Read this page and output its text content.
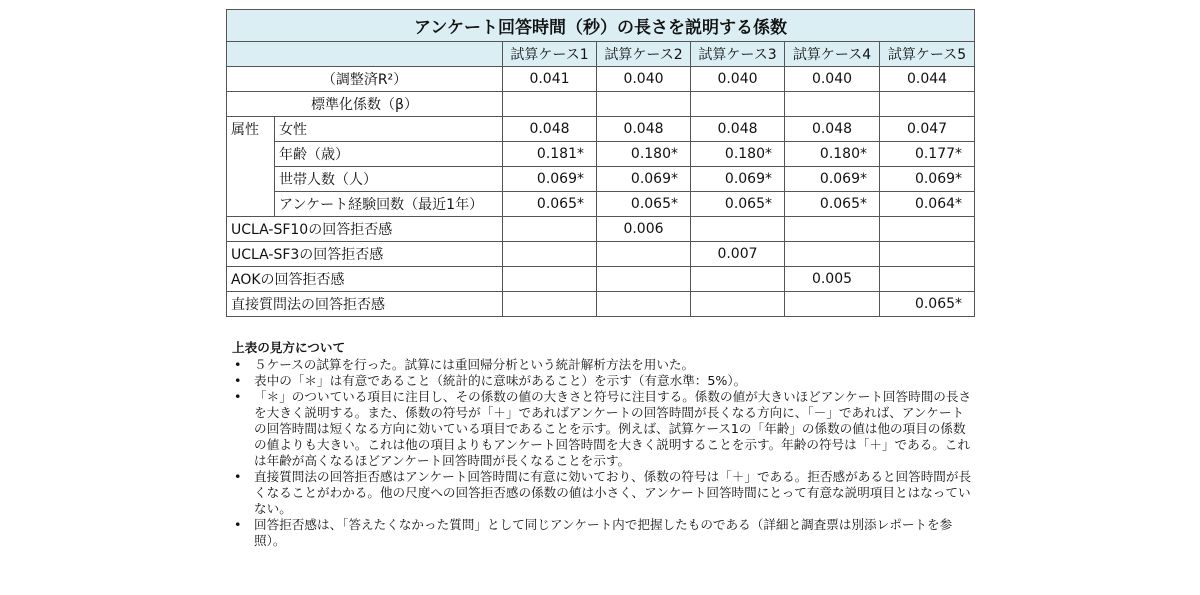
アンケート回答時間（秒）の長さを説明する係数						
		試算ケース1	試算ケース2	試算ケース3	試算ケース4	試算ケース5
（調整済R²）		0.041	0.040	0.040	0.040	0.044
標準化係数（β）						
属性	女性	0.048	0.048	0.048	0.048	0.047
	年齢（歳）	0.181*	0.180*	0.180*	0.180*	0.177*
	世帯人数（人）	0.069*	0.069*	0.069*	0.069*	0.069*
	アンケート経験回数（最近1年）	0.065*	0.065*	0.065*	0.065*	0.064*
UCLA-SF10の回答拒否感			0.006			
UCLA-SF3の回答拒否感				0.007		
AOKの回答拒否感					0.005	
直接質問法の回答拒否感						0.065*
上表の見方について
• ５ケースの試算を行った。試算には重回帰分析という統計解析方法を用いた。
• 表中の「＊」は有意であること（統計的に意味があること）を示す（有意水準：5%）。
• 「＊」のついている項目に注目し、その係数の値の大きさと符号に注目する。係数の値が大きいほどアンケート回答時間の長さを大きく説明する。また、係数の符号が「＋」であればアンケートの回答時間が長くなる方向に、「－」であれば、アンケートの回答時間は短くなる方向に効いている項目であることを示す。例えば、試算ケース1の「年齢」の係数の値は他の項目の係数の値よりも大きい。これは他の項目よりもアンケート回答時間を大きく説明することを示す。年齢の符号は「＋」である。これは年齢が高くなるほどアンケート回答時間が長くなることを示す。
• 直接質問法の回答拒否感はアンケート回答時間に有意に効いており、係数の符号は「＋」である。拒否感があると回答時間が長くなることがわかる。他の尺度への回答拒否感の係数の値は小さく、アンケート回答時間にとって有意な説明項目とはなっていない。
• 回答拒否感は、「答えたくなかった質問」として同じアンケート内で把握したものである（詳細と調査票は別添レポートを参照）。
